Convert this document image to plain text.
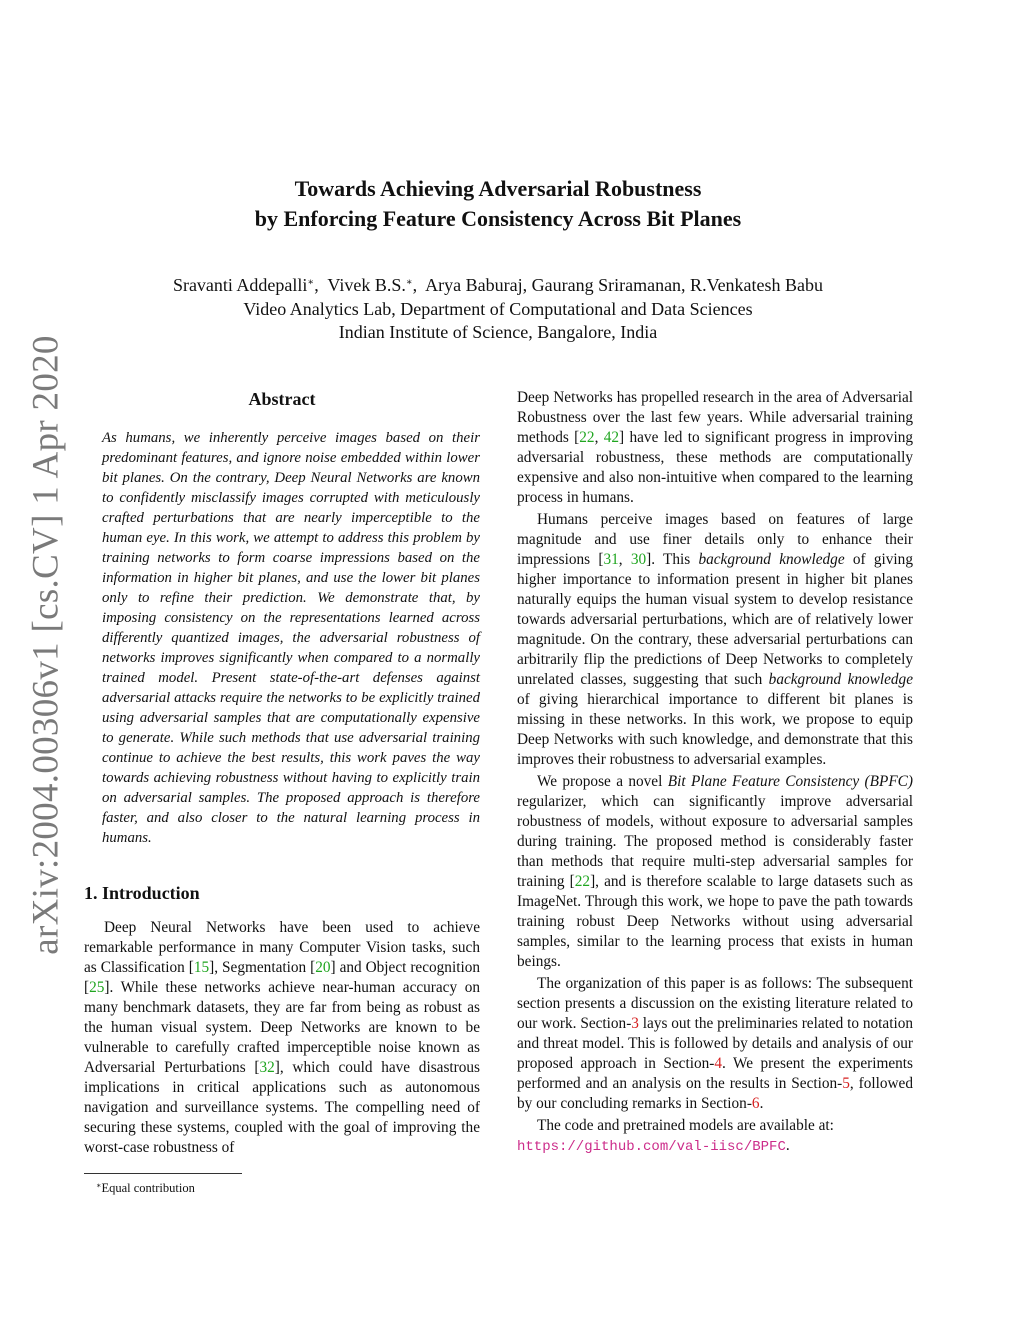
arXiv:2004.00306v1 [cs.CV] 1 Apr 2020
Towards Achieving Adversarial Robustness
by Enforcing Feature Consistency Across Bit Planes
Sravanti Addepalli∗,  Vivek B.S.∗,  Arya Baburaj, Gaurang Sriramanan, R.Venkatesh Babu
Video Analytics Lab, Department of Computational and Data Sciences
Indian Institute of Science, Bangalore, India
Abstract

As humans, we inherently perceive images based on their predominant features, and ignore noise embedded within lower bit planes. On the contrary, Deep Neural Networks are known to confidently misclassify images corrupted with meticulously crafted perturbations that are nearly imperceptible to the human eye. In this work, we attempt to address this problem by training networks to form coarse impressions based on the information in higher bit planes, and use the lower bit planes only to refine their prediction. We demonstrate that, by imposing consistency on the representations learned across differently quantized images, the adversarial robustness of networks improves significantly when compared to a normally trained model. Present state-of-the-art defenses against adversarial attacks require the networks to be explicitly trained using adversarial samples that are computationally expensive to generate. While such methods that use adversarial training continue to achieve the best results, this work paves the way towards achieving robustness without having to explicitly train on adversarial samples. The proposed approach is therefore faster, and also closer to the natural learning process in humans.

1. Introduction

Deep Neural Networks have been used to achieve remarkable performance in many Computer Vision tasks, such as Classification [15], Segmentation [20] and Object recognition [25]. While these networks achieve near-human accuracy on many benchmark datasets, they are far from being as robust as the human visual system. Deep Networks are known to be vulnerable to carefully crafted imperceptible noise known as Adversarial Perturbations [32], which could have disastrous implications in critical applications such as autonomous navigation and surveillance systems. The compelling need of securing these systems, coupled with the goal of improving the worst-case robustness of

∗Equal contribution

Deep Networks has propelled research in the area of Adversarial Robustness over the last few years. While adversarial training methods [22, 42] have led to significant progress in improving adversarial robustness, these methods are computationally expensive and also non-intuitive when compared to the learning process in humans.

Humans perceive images based on features of large magnitude and use finer details only to enhance their impressions [31, 30]. This background knowledge of giving higher importance to information present in higher bit planes naturally equips the human visual system to develop resistance towards adversarial perturbations, which are of relatively lower magnitude. On the contrary, these adversarial perturbations can arbitrarily flip the predictions of Deep Networks to completely unrelated classes, suggesting that such background knowledge of giving hierarchical importance to different bit planes is missing in these networks. In this work, we propose to equip Deep Networks with such knowledge, and demonstrate that this improves their robustness to adversarial examples.

We propose a novel Bit Plane Feature Consistency (BPFC) regularizer, which can significantly improve adversarial robustness of models, without exposure to adversarial samples during training. The proposed method is considerably faster than methods that require multi-step adversarial samples for training [22], and is therefore scalable to large datasets such as ImageNet. Through this work, we hope to pave the path towards training robust Deep Networks without using adversarial samples, similar to the learning process that exists in human beings.

The organization of this paper is as follows: The subsequent section presents a discussion on the existing literature related to our work. Section-3 lays out the preliminaries related to notation and threat model. This is followed by details and analysis of our proposed approach in Section-4. We present the experiments performed and an analysis on the results in Section-5, followed by our concluding remarks in Section-6.

The code and pretrained models are available at:
https://github.com/val-iisc/BPFC.
